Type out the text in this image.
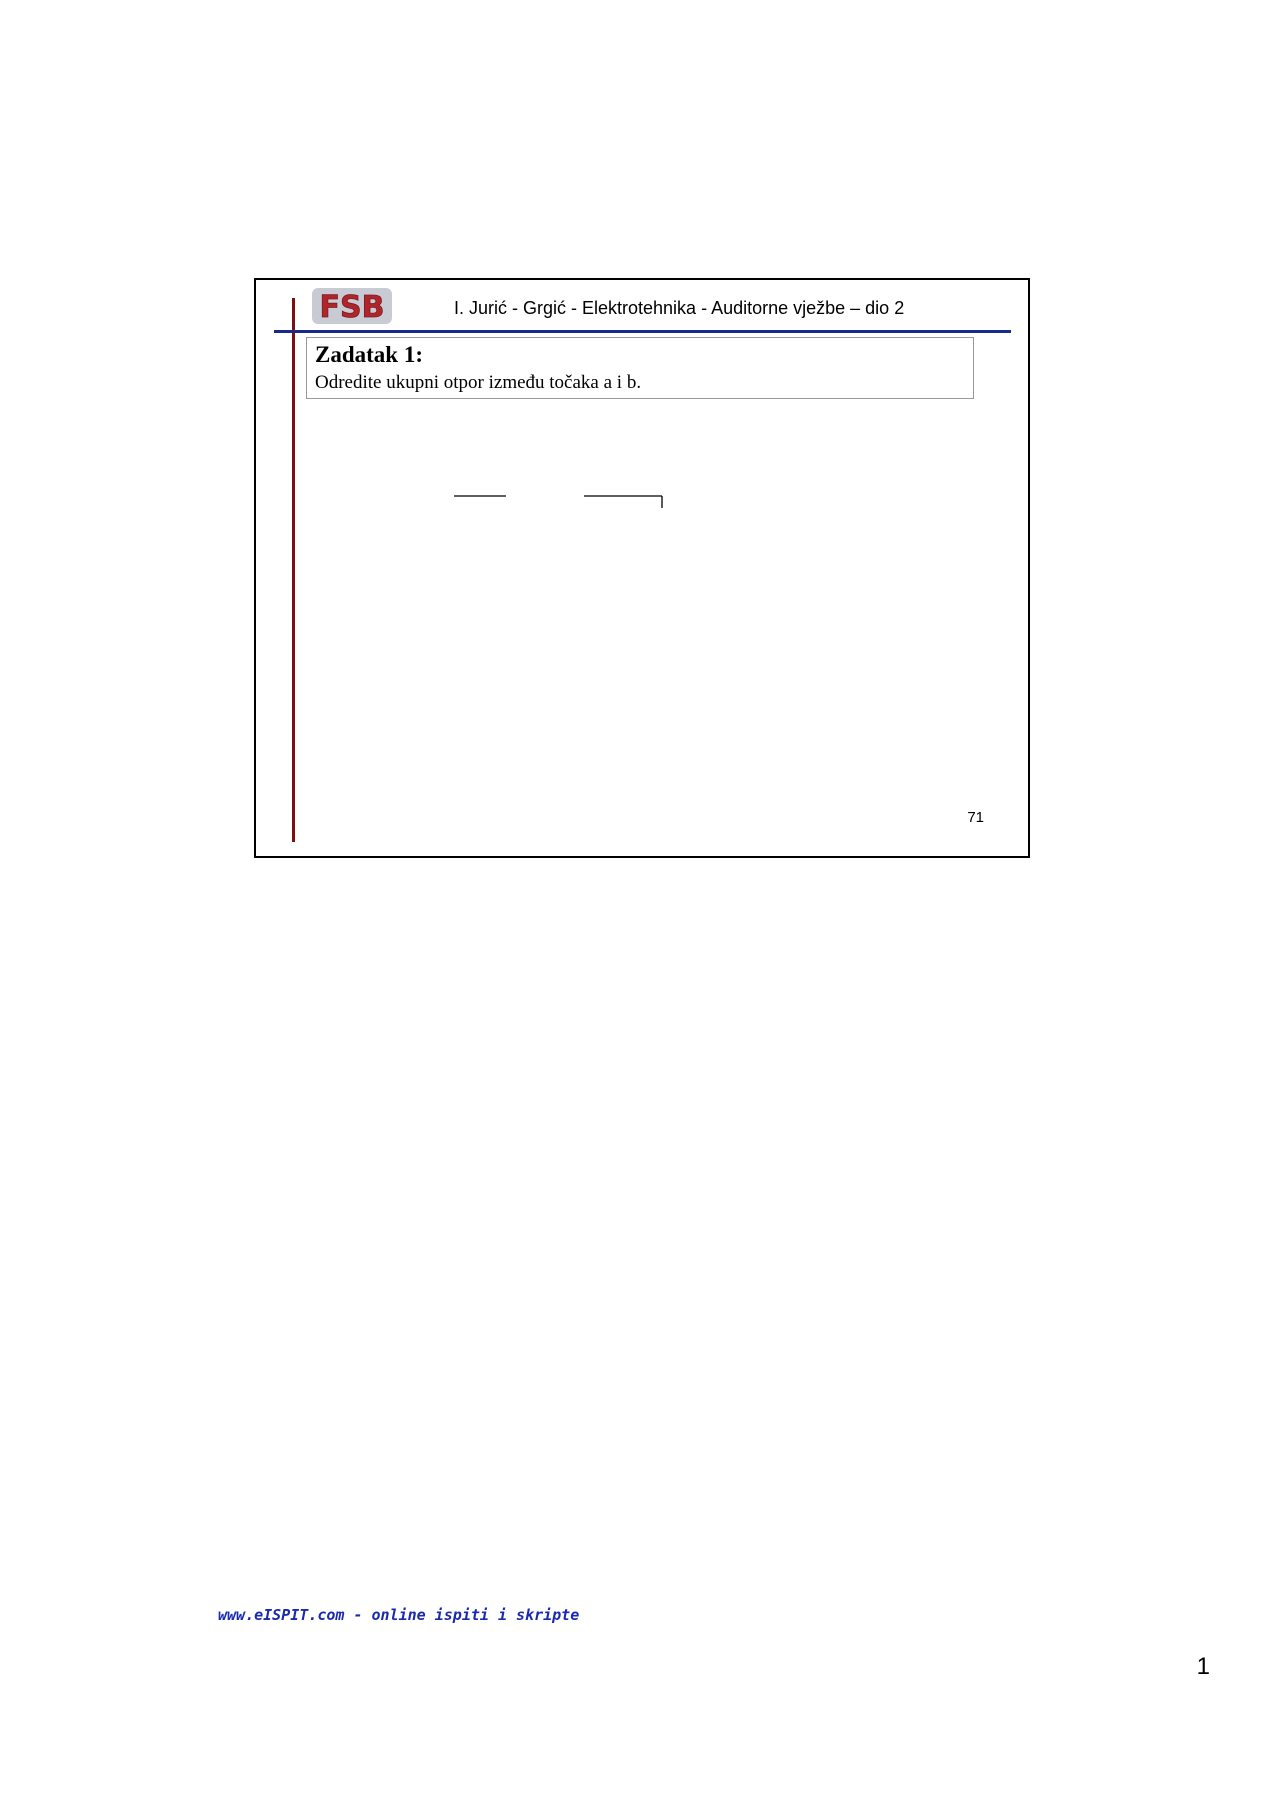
FSB	I. Jurić - Grgić - Elektrotehnika - Auditorne vježbe – dio 2
Zadatak 1:
Odredite ukupni otpor između točaka a i b.
71
www.eISPIT.com - online ispiti i skripte
1
